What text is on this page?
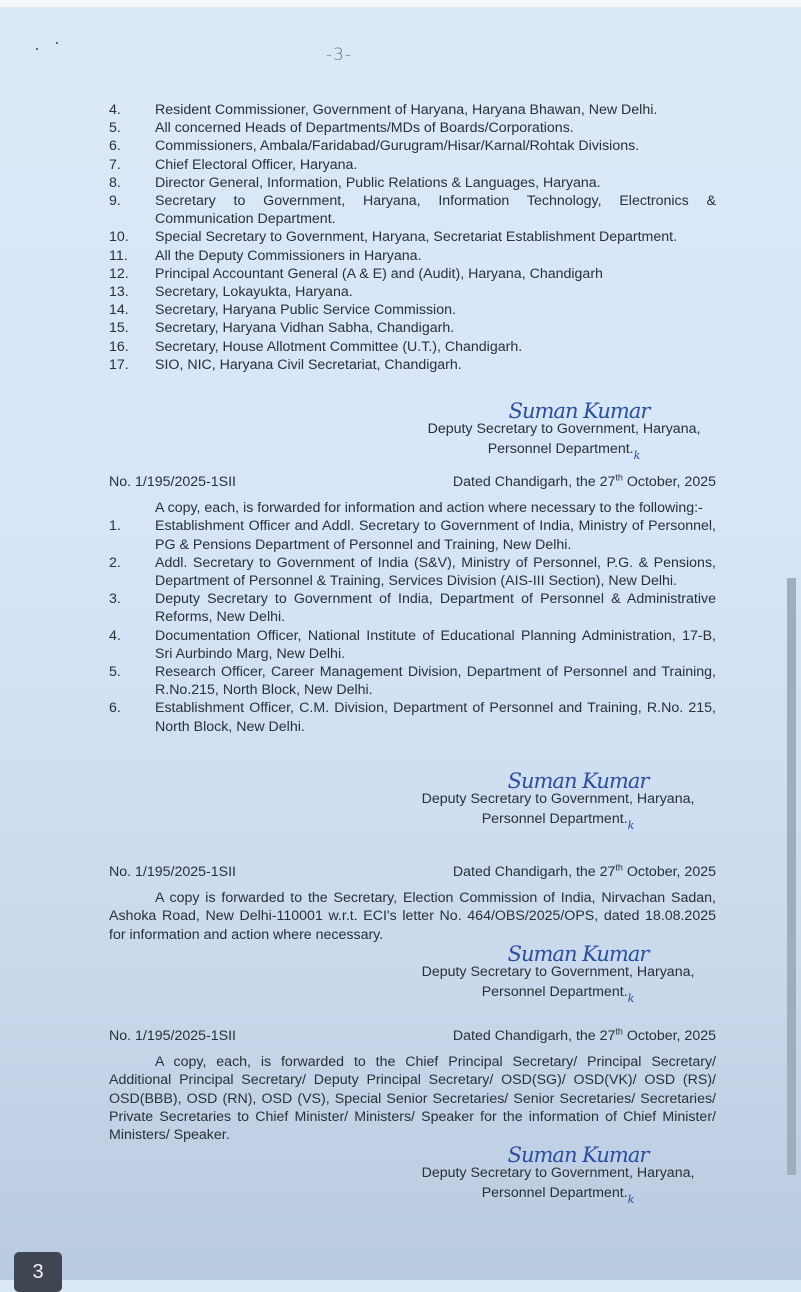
-3-
4. Resident Commissioner, Government of Haryana, Haryana Bhawan, New Delhi.
5. All concerned Heads of Departments/MDs of Boards/Corporations.
6. Commissioners, Ambala/Faridabad/Gurugram/Hisar/Karnal/Rohtak Divisions.
7. Chief Electoral Officer, Haryana.
8. Director General, Information, Public Relations & Languages, Haryana.
9. Secretary to Government, Haryana, Information Technology, Electronics & Communication Department.
10. Special Secretary to Government, Haryana, Secretariat Establishment Department.
11. All the Deputy Commissioners in Haryana.
12. Principal Accountant General (A & E) and (Audit), Haryana, Chandigarh
13. Secretary, Lokayukta, Haryana.
14. Secretary, Haryana Public Service Commission.
15. Secretary, Haryana Vidhan Sabha, Chandigarh.
16. Secretary, House Allotment Committee (U.T.), Chandigarh.
17. SIO, NIC, Haryana Civil Secretariat, Chandigarh.
Suman Kumar
Deputy Secretary to Government, Haryana,
Personnel $Department._k$
No. 1/195/2025-1SII	Dated Chandigarh, the 27th October, 2025
A copy, each, is forwarded for information and action where necessary to the following:-
1. Establishment Officer and Addl. Secretary to Government of India, Ministry of Personnel, PG & Pensions Department of Personnel and Training, New Delhi.
2. Addl. Secretary to Government of India (S&V), Ministry of Personnel, P.G. & Pensions, Department of Personnel & Training, Services Division (AIS-III Section), New Delhi.
3. Deputy Secretary to Government of India, Department of Personnel & Administrative Reforms, New Delhi.
4. Documentation Officer, National Institute of Educational Planning Administration, 17-B, Sri Aurbindo Marg, New Delhi.
5. Research Officer, Career Management Division, Department of Personnel and Training, R.No.215, North Block, New Delhi.
6. Establishment Officer, C.M. Division, Department of Personnel and Training, R.No. 215, North Block, New Delhi.
Suman Kumar
Deputy Secretary to Government, Haryana,
Personnel $Department._k$
No. 1/195/2025-1SII	Dated Chandigarh, the 27th October, 2025
A copy is forwarded to the Secretary, Election Commission of India, Nirvachan Sadan, Ashoka Road, New Delhi-110001 w.r.t. ECI's letter No. 464/OBS/2025/OPS, dated 18.08.2025 for information and action where necessary.
Suman Kumar
Deputy Secretary to Government, Haryana,
Personnel $Department._k$
No. 1/195/2025-1SII	Dated Chandigarh, the 27th October, 2025
A copy, each, is forwarded to the Chief Principal Secretary/ Principal Secretary/ Additional Principal Secretary/ Deputy Principal Secretary/ OSD(SG)/ OSD(VK)/ OSD (RS)/ OSD(BBB), OSD (RN), OSD (VS), Special Senior Secretaries/ Senior Secretaries/ Secretaries/ Private Secretaries to Chief Minister/ Ministers/ Speaker for the information of Chief Minister/ Ministers/ Speaker.
Suman Kumar
Deputy Secretary to Government, Haryana,
Personnel $Department._k$
3
